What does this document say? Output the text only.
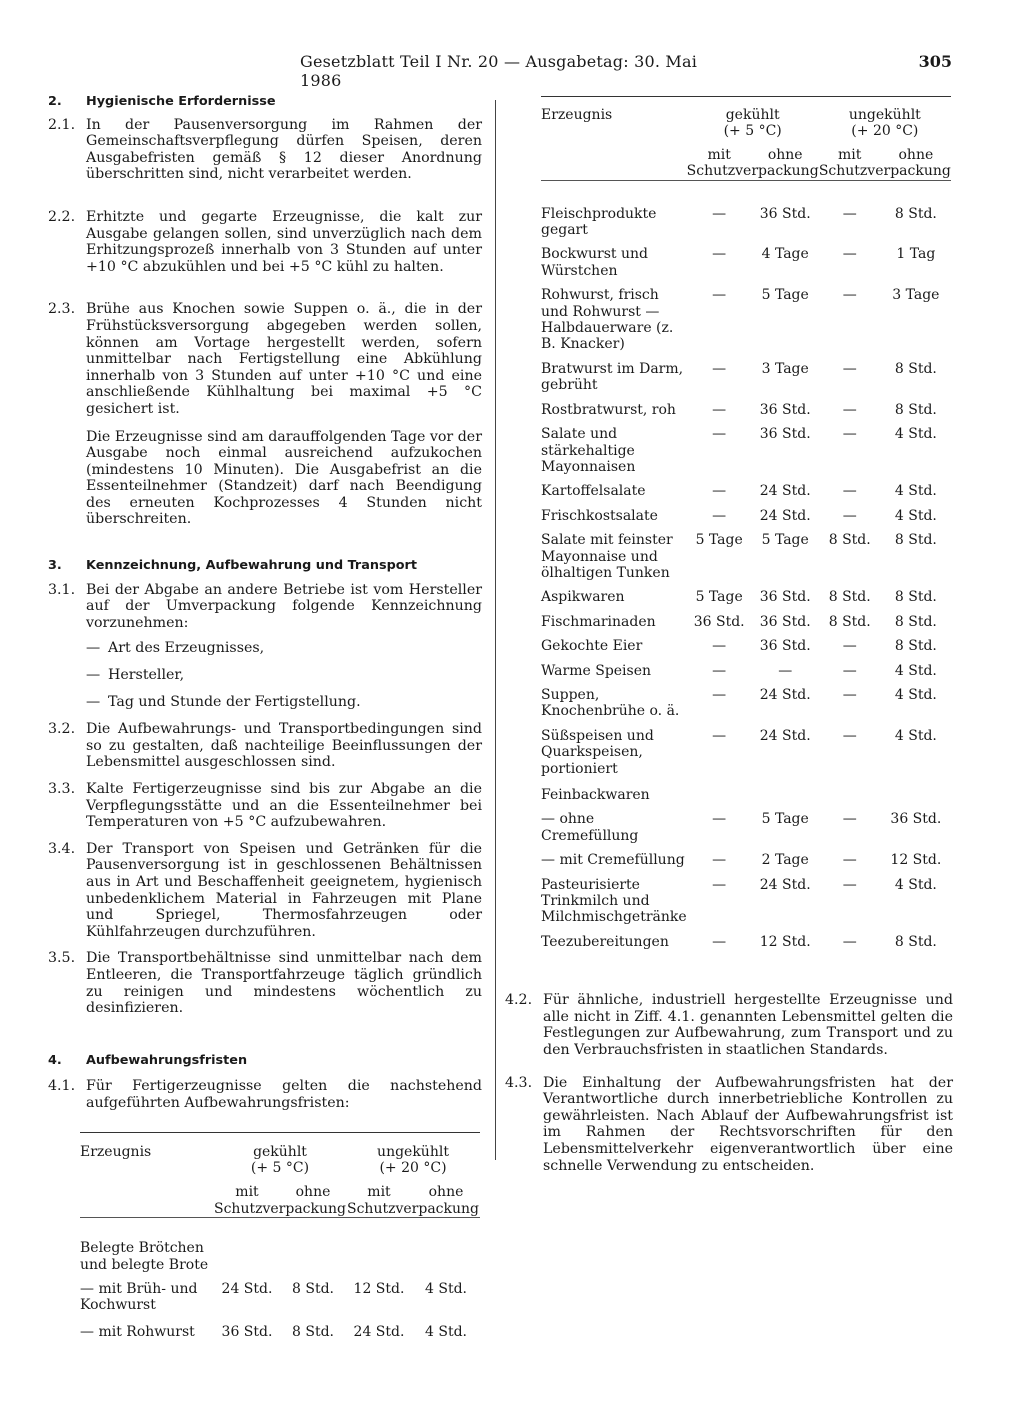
Gesetzblatt Teil I Nr. 20 — Ausgabetag: 30. Mai 1986
305
2.	Hygienische Erfordernisse
2.1. In der Pausenversorgung im Rahmen der Gemeinschaftsverpflegung dürfen Speisen, deren Ausgabefristen gemäß § 12 dieser Anordnung überschritten sind, nicht verarbeitet werden.
2.2. Erhitzte und gegarte Erzeugnisse, die kalt zur Ausgabe gelangen sollen, sind unverzüglich nach dem Erhitzungsprozeß innerhalb von 3 Stunden auf unter +10 °C abzukühlen und bei +5 °C kühl zu halten.
2.3. Brühe aus Knochen sowie Suppen o. ä., die in der Frühstücksversorgung abgegeben werden sollen, können am Vortage hergestellt werden, sofern unmittelbar nach Fertigstellung eine Abkühlung innerhalb von 3 Stunden auf unter +10 °C und eine anschließende Kühlhaltung bei maximal +5 °C gesichert ist.
Die Erzeugnisse sind am darauffolgenden Tage vor der Ausgabe noch einmal ausreichend aufzukochen (mindestens 10 Minuten). Die Ausgabefrist an die Essenteilnehmer (Standzeit) darf nach Beendigung des erneuten Kochprozesses 4 Stunden nicht überschreiten.
3.	Kennzeichnung, Aufbewahrung und Transport
3.1. Bei der Abgabe an andere Betriebe ist vom Hersteller auf der Umverpackung folgende Kennzeichnung vorzunehmen:
— Art des Erzeugnisses,
— Hersteller,
— Tag und Stunde der Fertigstellung.
3.2. Die Aufbewahrungs- und Transportbedingungen sind so zu gestalten, daß nachteilige Beeinflussungen der Lebensmittel ausgeschlossen sind.
3.3. Kalte Fertigerzeugnisse sind bis zur Abgabe an die Verpflegungsstätte und an die Essenteilnehmer bei Temperaturen von +5 °C aufzubewahren.
3.4. Der Transport von Speisen und Getränken für die Pausenversorgung ist in geschlossenen Behältnissen aus in Art und Beschaffenheit geeignetem, hygienisch unbedenklichem Material in Fahrzeugen mit Plane und Spriegel, Thermosfahrzeugen oder Kühlfahrzeugen durchzuführen.
3.5. Die Transportbehältnisse sind unmittelbar nach dem Entleeren, die Transportfahrzeuge täglich gründlich zu reinigen und mindestens wöchentlich zu desinfizieren.
4.	Aufbewahrungsfristen
4.1. Für Fertigerzeugnisse gelten die nachstehend aufgeführten Aufbewahrungsfristen:
Erzeugnis	gekühlt		ungekühlt	
	(+ 5 °C)		(+ 20 °C)	
	mit	ohne	mit	ohne
	Schutzverpackung		Schutzverpackung	
Belegte Brötchen und belegte Brote				
— mit Brüh- und Kochwurst	24 Std.	8 Std.	12 Std.	4 Std.
— mit Rohwurst	36 Std.	8 Std.	24 Std.	4 Std.
Erzeugnis	gekühlt		ungekühlt	
	(+ 5 °C)		(+ 20 °C)	
	mit	ohne	mit	ohne
	Schutzverpackung		Schutzverpackung	

Fleischprodukte gegart	—	36 Std.	—	8 Std.
Bockwurst und Würstchen	—	4 Tage	—	1 Tag
Rohwurst, frisch und Rohwurst — Halbdauerware (z. B. Knacker)	—	5 Tage	—	3 Tage
Bratwurst im Darm, gebrüht	—	3 Tage	—	8 Std.
Rostbratwurst, roh	—	36 Std.	—	8 Std.
Salate und stärkehaltige Mayonnaisen	—	36 Std.	—	4 Std.
Kartoffelsalate	—	24 Std.	—	4 Std.
Frischkostsalate	—	24 Std.	—	4 Std.
Salate mit feinster Mayonnaise und ölhaltigen Tunken	5 Tage	5 Tage	8 Std.	8 Std.
Aspikwaren	5 Tage	36 Std.	8 Std.	8 Std.
Fischmarinaden	36 Std.	36 Std.	8 Std.	8 Std.
Gekochte Eier	—	36 Std.	—	8 Std.
Warme Speisen	—	—	—	4 Std.
Suppen, Knochenbrühe o. ä.	—	24 Std.	—	4 Std.
Süßspeisen und Quarkspeisen, portioniert	—	24 Std.	—	4 Std.
Feinbackwaren				
— ohne Cremefüllung	—	5 Tage	—	36 Std.
— mit Cremefüllung	—	2 Tage	—	12 Std.
Pasteurisierte Trinkmilch und Milchmischgetränke	—	24 Std.	—	4 Std.
Teezubereitungen	—	12 Std.	—	8 Std.
4.2. Für ähnliche, industriell hergestellte Erzeugnisse und alle nicht in Ziff. 4.1. genannten Lebensmittel gelten die Festlegungen zur Aufbewahrung, zum Transport und zu den Verbrauchsfristen in staatlichen Standards.
4.3. Die Einhaltung der Aufbewahrungsfristen hat der Verantwortliche durch innerbetriebliche Kontrollen zu gewährleisten. Nach Ablauf der Aufbewahrungsfrist ist im Rahmen der Rechtsvorschriften für den Lebensmittelverkehr eigenverantwortlich über eine schnelle Verwendung zu entscheiden.
